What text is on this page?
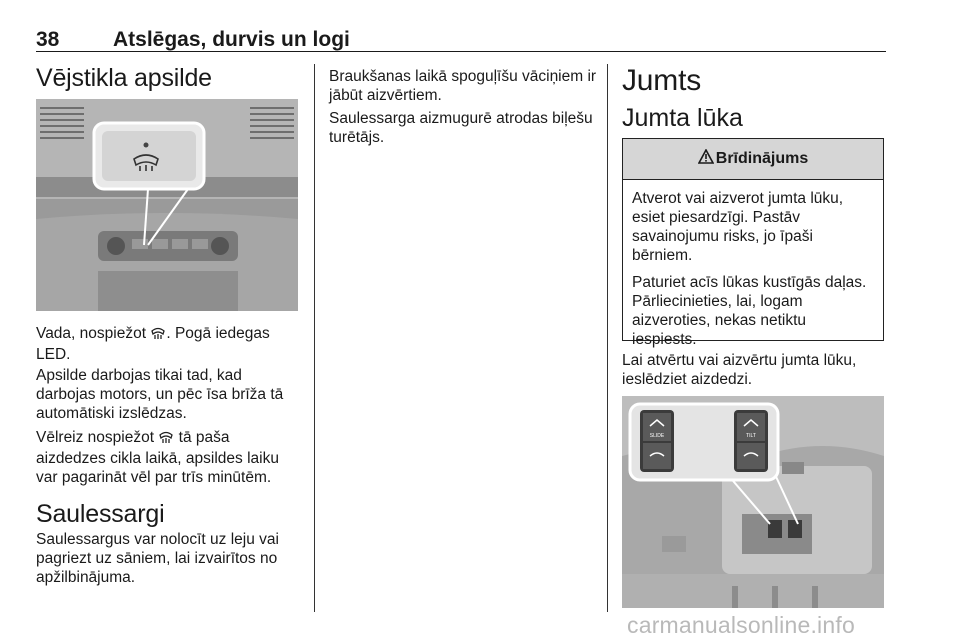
38	Atslēgas, durvis un logi
Vējstikla apsilde

Vada, nospiežot . Pogā iedegas LED.

Apsilde darbojas tikai tad, kad darbojas motors, un pēc īsa brīža tā automātiski izslēdzas.

Vēlreiz nospiežot  tā paša aizdedzes cikla laikā, apsildes laiku var pagarināt vēl par trīs minūtēm.

Saulessargi

Saulessargus var nolocīt uz leju vai pagriezt uz sāniem, lai izvairītos no apžilbinājuma.

Braukšanas laikā spoguļīšu vāciņiem ir jābūt aizvērtiem.

Saulessarga aizmugurē atrodas biļešu turētājs.

Jumts
Jumta lūka
Brīdinājums

Atverot vai aizverot jumta lūku, esiet piesardzīgi. Pastāv savainojumu risks, jo īpaši bērniem.

Paturiet acīs lūkas kustīgās daļas. Pārliecinieties, lai, logam aizveroties, nekas netiktu iespiests.

Lai atvērtu vai aizvērtu jumta lūku, ieslēdziet aizdedzi.

SLIDE	TILT
carmanualsonline.info
